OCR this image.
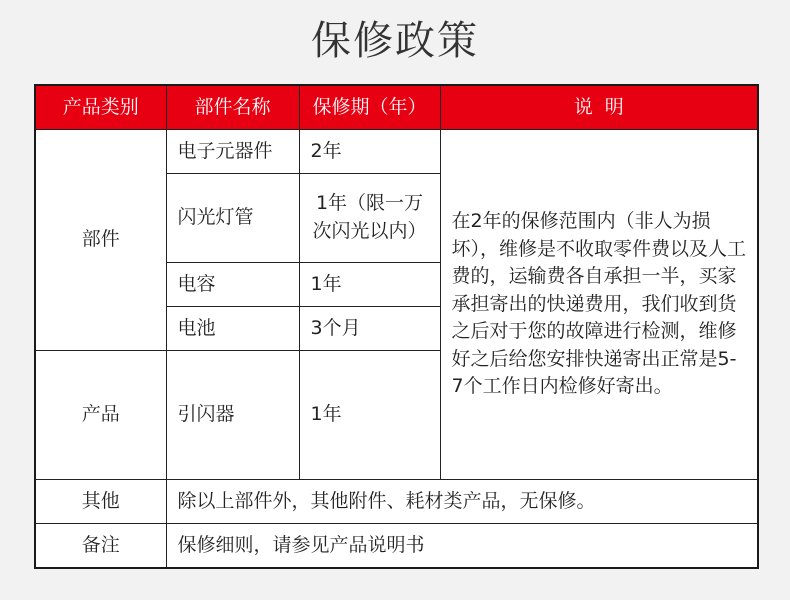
保修政策
产品类别	部件名称	保修期（年）	说  明
部件	电子元器件	2年	在2年的保修范围内（非人为损坏），维修是不收取零件费以及人工费的，运输费各自承担一半，买家承担寄出的快递费用，我们收到货之后对于您的故障进行检测，维修好之后给您安排快递寄出正常是5-7个工作日内检修好寄出。
	闪光灯管	1年（限一万次闪光以内）	
	电容	1年	
	电池	3个月	
产品	引闪器	1年	
其他	除以上部件外，其他附件、耗材类产品，无保修。		
备注	保修细则，请参见产品说明书		
